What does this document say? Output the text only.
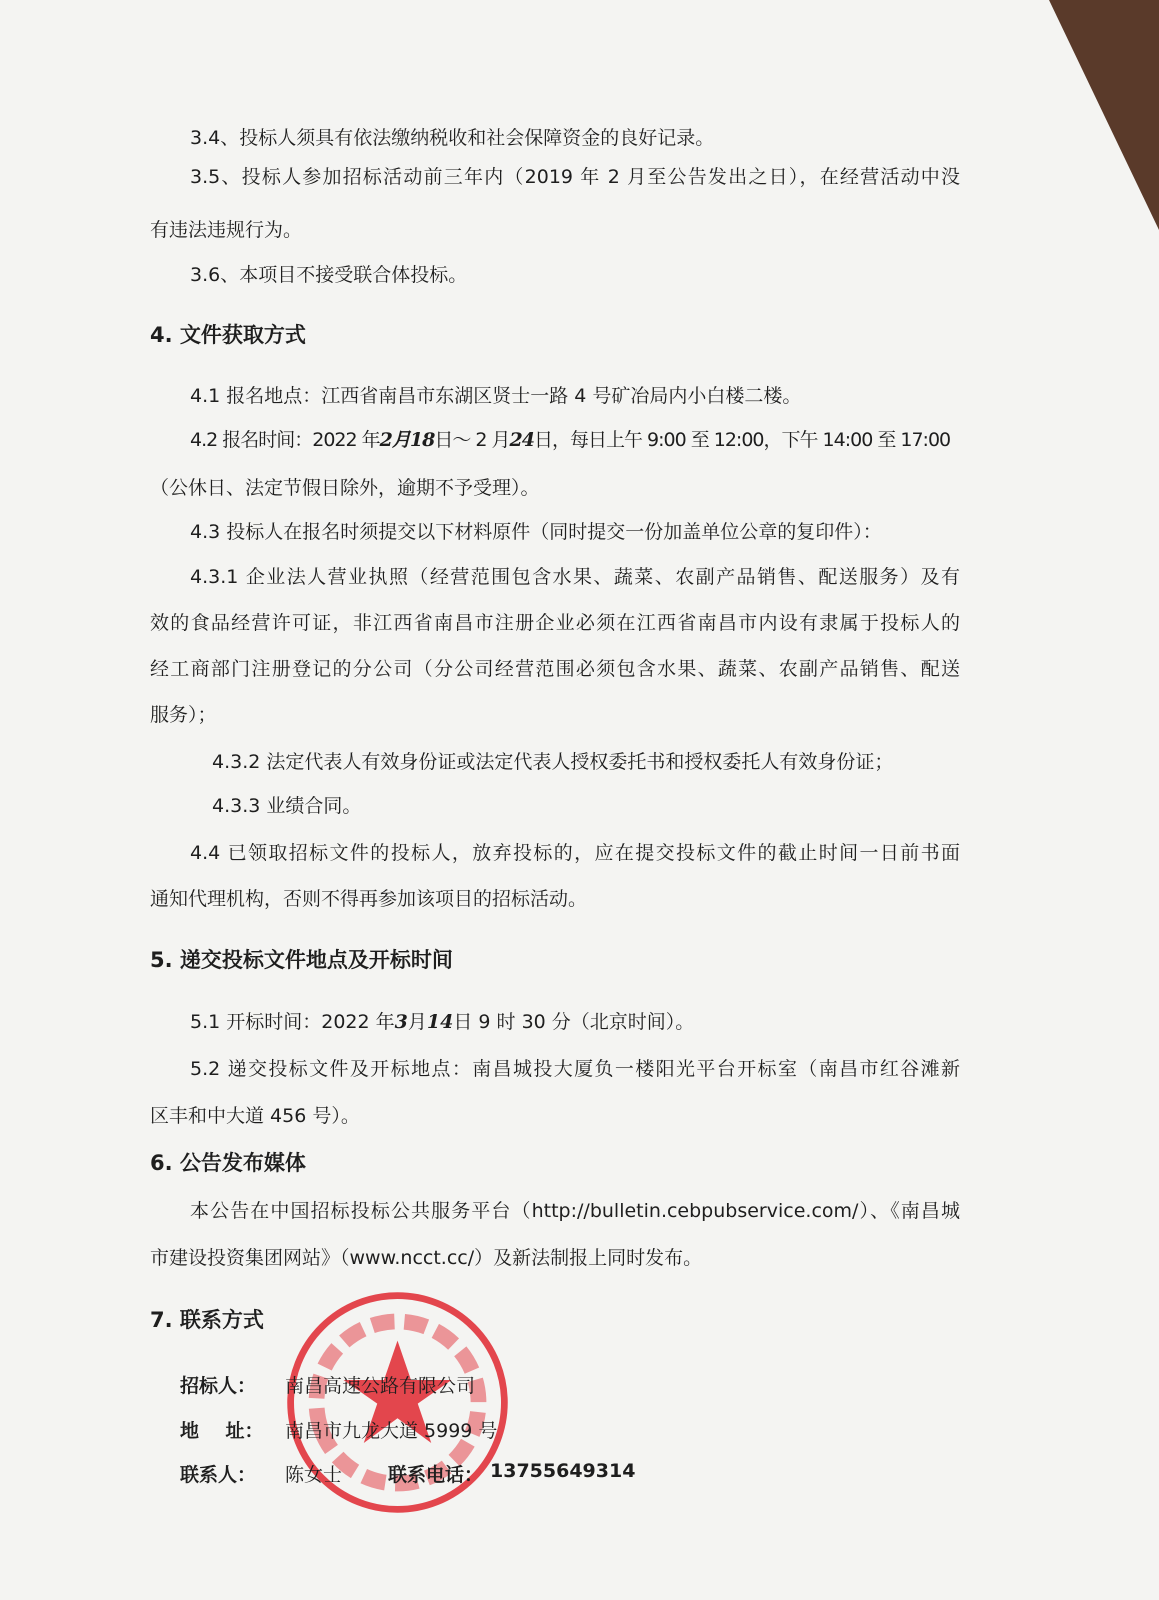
3.4、投标人须具有依法缴纳税收和社会保障资金的良好记录。
3.5、投标人参加招标活动前三年内（2019 年 2 月至公告发出之日），在经营活动中没
有违法违规行为。
3.6、本项目不接受联合体投标。
4. 文件获取方式
4.1 报名地点：江西省南昌市东湖区贤士一路 4 号矿冶局内小白楼二楼。
4.2 报名时间：2022 年2月18日～ 2 月24日，每日上午 9:00 至 12:00，下午 14:00 至 17:00
（公休日、法定节假日除外，逾期不予受理）。
4.3 投标人在报名时须提交以下材料原件（同时提交一份加盖单位公章的复印件）：
4.3.1 企业法人营业执照（经营范围包含水果、蔬菜、农副产品销售、配送服务）及有
效的食品经营许可证，非江西省南昌市注册企业必须在江西省南昌市内设有隶属于投标人的
经工商部门注册登记的分公司（分公司经营范围必须包含水果、蔬菜、农副产品销售、配送
服务）；
4.3.2 法定代表人有效身份证或法定代表人授权委托书和授权委托人有效身份证；
4.3.3 业绩合同。
4.4 已领取招标文件的投标人，放弃投标的，应在提交投标文件的截止时间一日前书面
通知代理机构，否则不得再参加该项目的招标活动。
5. 递交投标文件地点及开标时间
5.1 开标时间：2022 年3月14日 9 时 30 分（北京时间）。
5.2 递交投标文件及开标地点：南昌城投大厦负一楼阳光平台开标室（南昌市红谷滩新
区丰和中大道 456 号）。
6. 公告发布媒体
本公告在中国招标投标公共服务平台（http://bulletin.cebpubservice.com/）、《南昌城
市建设投资集团网站》（www.ncct.cc/）及新法制报上同时发布。
7. 联系方式
招标人： 南昌高速公路有限公司
地    址： 南昌市九龙大道 5999 号
联系人： 陈女士 联系电话： 13755649314
